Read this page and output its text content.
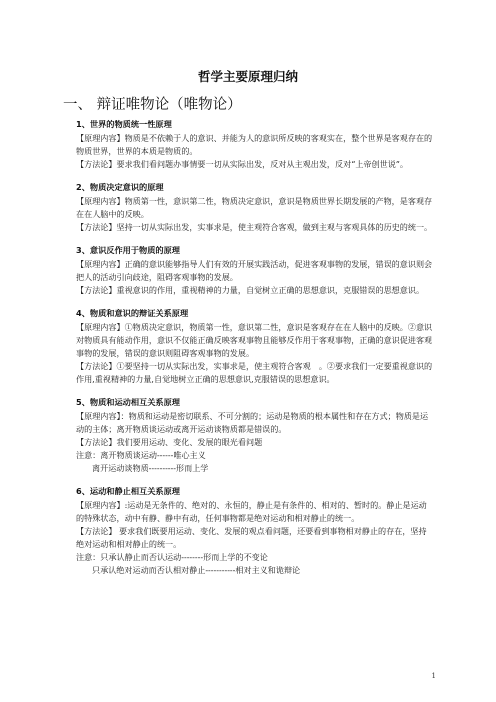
哲学主要原理归纳
一、 辩证唯物论（唯物论）
1、世界的物质统一性原理

【原理内容】物质是不依赖于人的意识、并能为人的意识所反映的客观实在，整个世界是客观存在的物质世界，世界的本质是物质的。

【方法论】要求我们看问题办事情要一切从实际出发，反对从主观出发，反对“上帝创世说”。

2、物质决定意识的原理

【原理内容】物质第一性，意识第二性，物质决定意识，意识是物质世界长期发展的产物，是客观存在在人脑中的反映。

【方法论】坚持一切从实际出发，实事求是，使主观符合客观，做到主观与客观具体的历史的统一。

3、意识反作用于物质的原理

【原理内容】正确的意识能够指导人们有效的开展实践活动，促进客观事物的发展，错误的意识则会把人的活动引向歧途，阻碍客观事物的发展。

【方法论】重视意识的作用，重视精神的力量，自觉树立正确的思想意识，克服错误的思想意识。

4、物质和意识的辩证关系原理

【原理内容】①物质决定意识，物质第一性，意识第二性，意识是客观存在在人脑中的反映。②意识对物质具有能动作用，意识不仅能正确反映客观事物且能够反作用于客观事物，正确的意识促进客观事物的发展，错误的意识则阻碍客观事物的发展。

【方法论】①要坚持一切从实际出发，实事求是，使主观符合客观　。②要求我们一定要重视意识的作用,重视精神的力量,自觉地树立正确的思想意识,克服错误的思想意识。

5、物质和运动相互关系原理

【原理内容】：物质和运动是密切联系、不可分割的；运动是物质的根本属性和存在方式；物质是运动的主体；离开物质谈运动或离开运动谈物质都是错误的。

【方法论】我们要用运动、变化、发展的眼光看问题

注意：离开物质谈运动------唯心主义

离开运动谈物质----------形而上学

6、运动和静止相互关系原理

【原理内容】:运动是无条件的、绝对的、永恒的，静止是有条件的、相对的、暂时的。静止是运动的特殊状态，动中有静、静中有动，任何事物都是绝对运动和相对静止的统一。

【方法论】 要求我们既要用运动、变化、发展的观点看问题，还要看到事物相对静止的存在，坚持绝对运动和相对静止的统一。

注意：只承认静止而否认运动--------形而上学的不变论

只承认绝对运动而否认相对静止-----------相对主义和诡辩论

1
